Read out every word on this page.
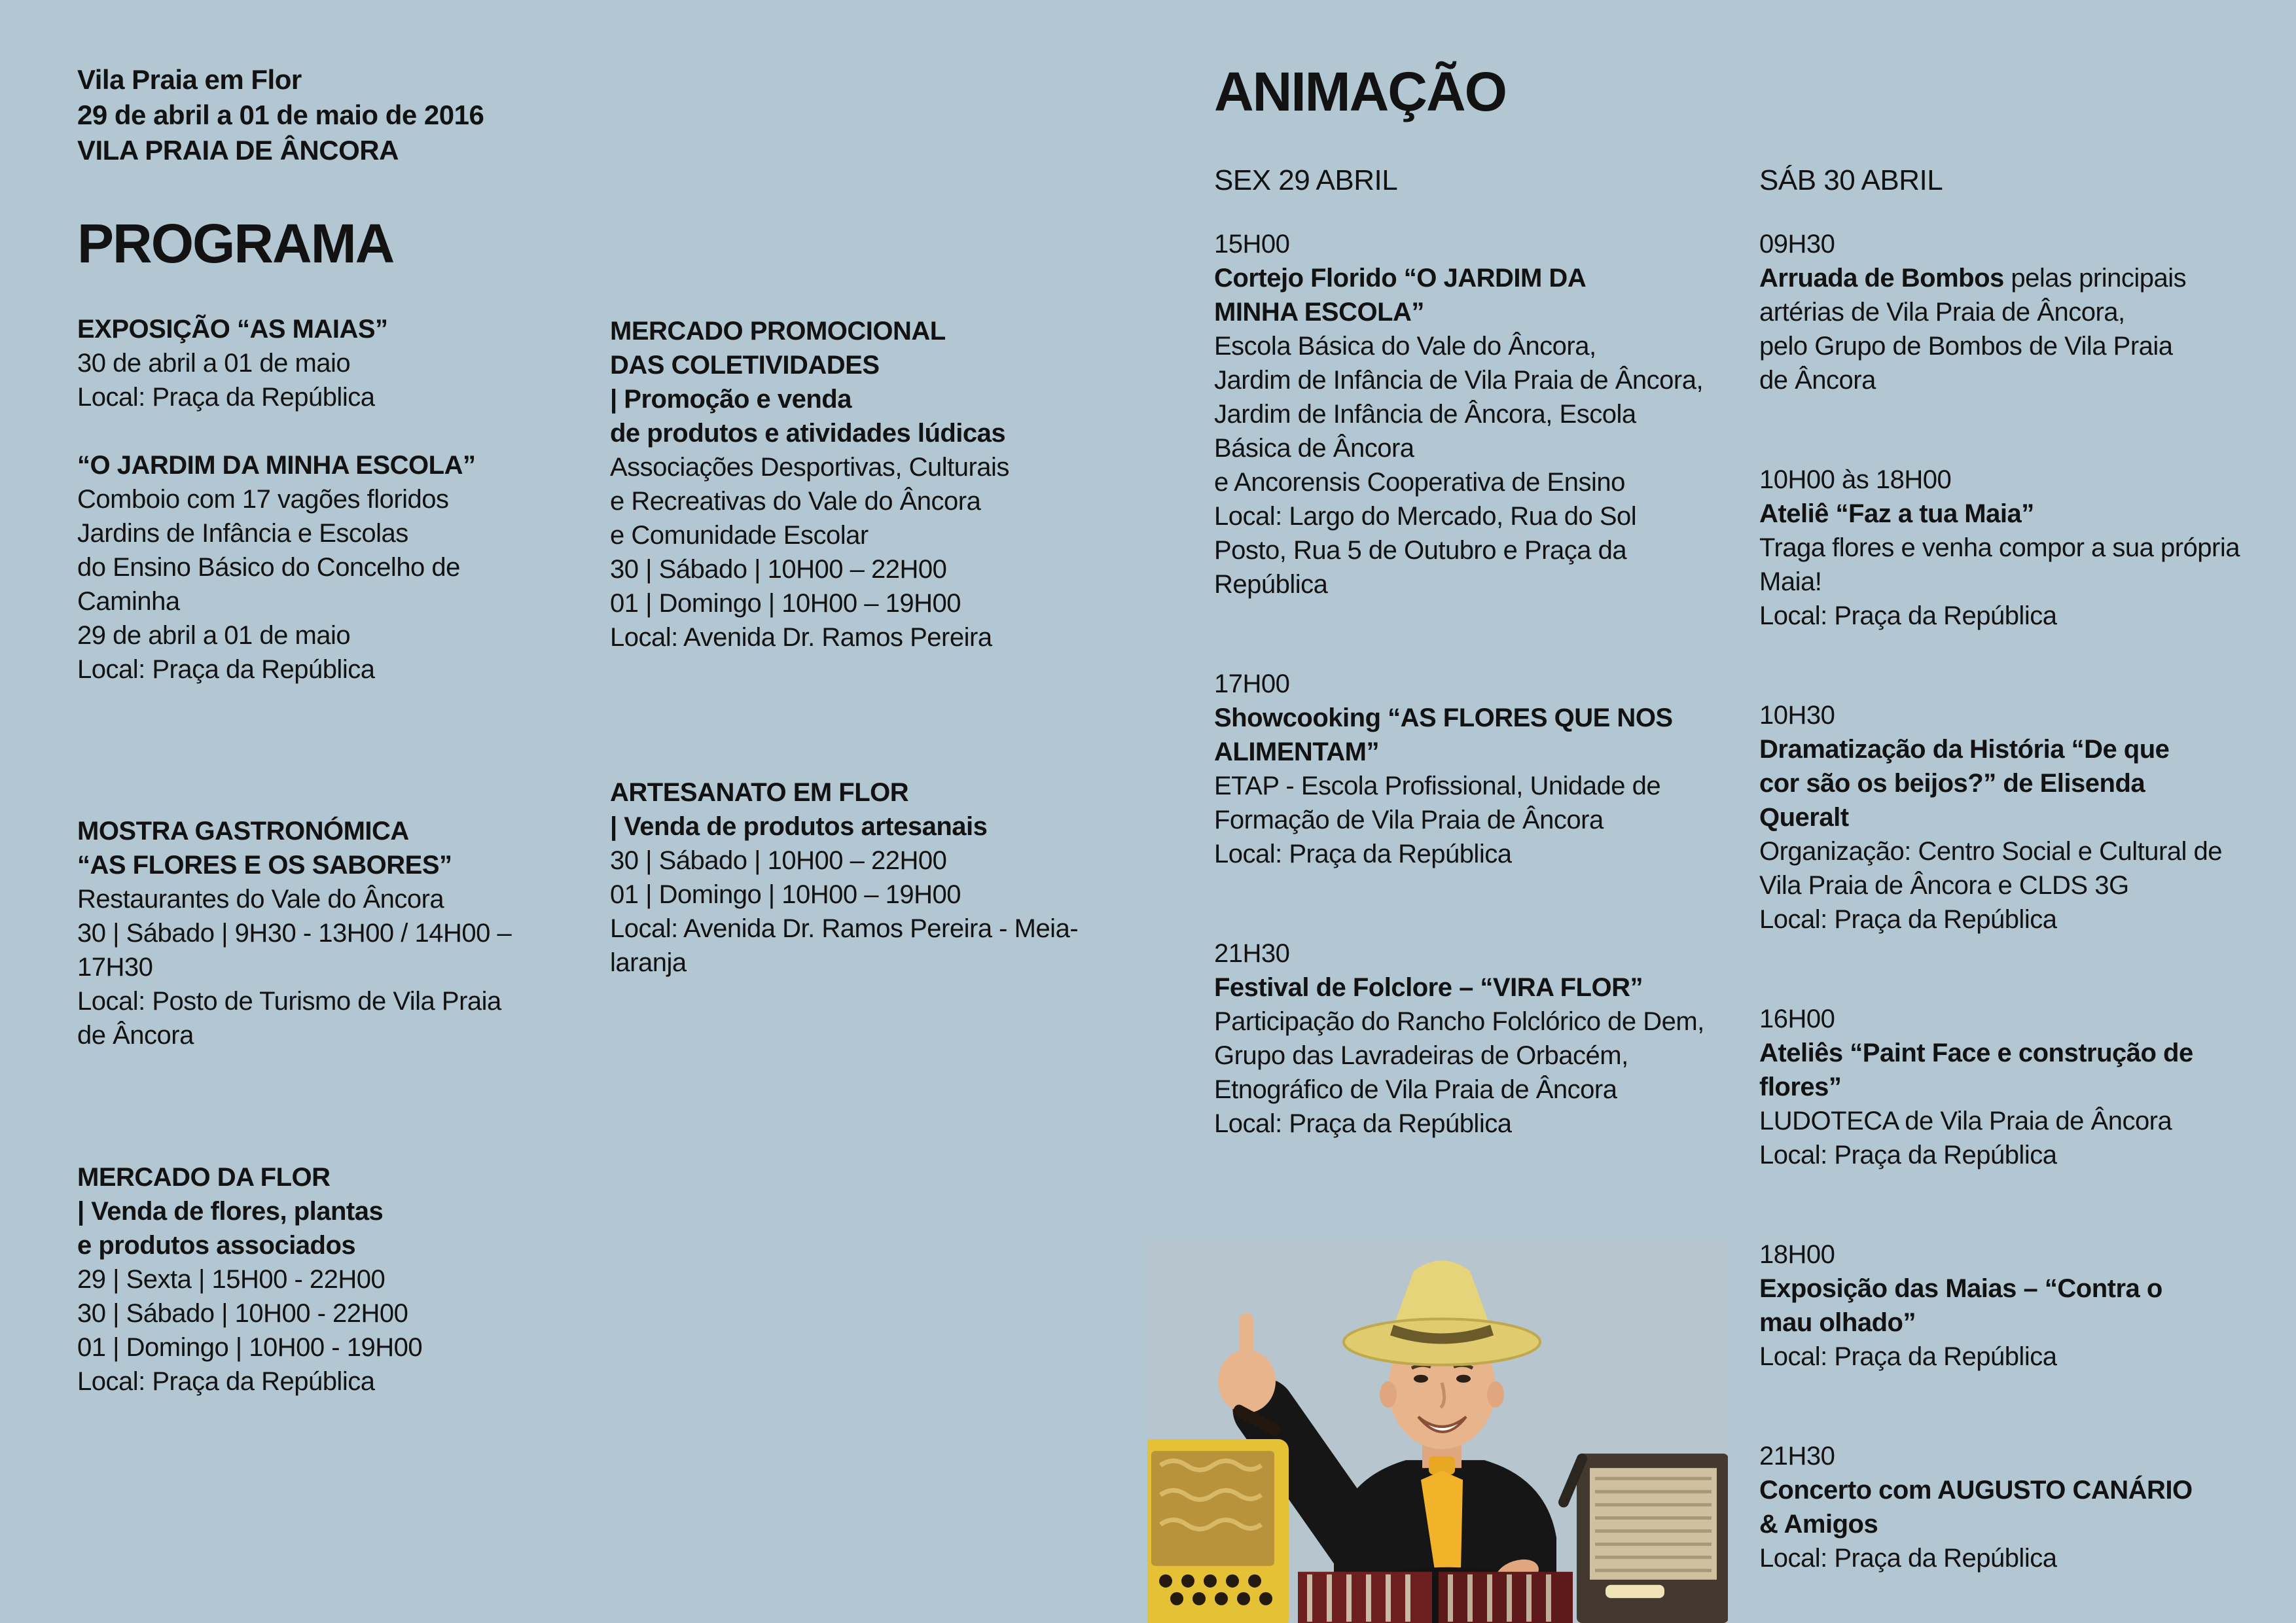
Vila Praia em Flor
29 de abril a 01 de maio de 2016
VILA PRAIA DE ÂNCORA
PROGRAMA
EXPOSIÇÃO “AS MAIAS”
30 de abril a 01 de maio
Local: Praça da República
“O JARDIM DA MINHA ESCOLA”
Comboio com 17 vagões floridos
Jardins de Infância e Escolas
do Ensino Básico do Concelho de
Caminha
29 de abril a 01 de maio
Local: Praça da República
MOSTRA GASTRONÓMICA
“AS FLORES E OS SABORES”
Restaurantes do Vale do Âncora
30 | Sábado | 9H30 - 13H00 / 14H00 –
17H30
Local: Posto de Turismo de Vila Praia
de Âncora
MERCADO DA FLOR
| Venda de flores, plantas
e produtos associados
29 | Sexta | 15H00 - 22H00
30 | Sábado | 10H00 - 22H00
01 | Domingo | 10H00 - 19H00
Local: Praça da República
MERCADO PROMOCIONAL
DAS COLETIVIDADES
| Promoção e venda
de produtos e atividades lúdicas
Associações Desportivas, Culturais
e Recreativas do Vale do Âncora
e Comunidade Escolar
30 | Sábado | 10H00 – 22H00
01 | Domingo | 10H00 – 19H00
Local: Avenida Dr. Ramos Pereira
ARTESANATO EM FLOR
| Venda de produtos artesanais
30 | Sábado | 10H00 – 22H00
01 | Domingo | 10H00 – 19H00
Local: Avenida Dr. Ramos Pereira - Meia-
laranja
ANIMAÇÃO
SEX 29 ABRIL
15H00
Cortejo Florido “O JARDIM DA
MINHA ESCOLA”
Escola Básica do Vale do Âncora,
Jardim de Infância de Vila Praia de Âncora,
Jardim de Infância de Âncora, Escola
Básica de Âncora
e Ancorensis Cooperativa de Ensino
Local: Largo do Mercado, Rua do Sol
Posto, Rua 5 de Outubro e Praça da
República
17H00
Showcooking “AS FLORES QUE NOS
ALIMENTAM”
ETAP - Escola Profissional, Unidade de
Formação de Vila Praia de Âncora
Local: Praça da República
21H30
Festival de Folclore – “VIRA FLOR”
Participação do Rancho Folclórico de Dem,
Grupo das Lavradeiras de Orbacém,
Etnográfico de Vila Praia de Âncora
Local: Praça da República
SÁB 30 ABRIL
09H30
Arruada de Bombos pelas principais
artérias de Vila Praia de Âncora,
pelo Grupo de Bombos de Vila Praia
de Âncora
10H00 às 18H00
Ateliê “Faz a tua Maia”
Traga flores e venha compor a sua própria
Maia!
Local: Praça da República
10H30
Dramatização da História “De que
cor são os beijos?” de Elisenda
Queralt
Organização: Centro Social e Cultural de
Vila Praia de Âncora e CLDS 3G
Local: Praça da República
16H00
Ateliês “Paint Face e construção de
flores”
LUDOTECA de Vila Praia de Âncora
Local: Praça da República
18H00
Exposição das Maias – “Contra o
mau olhado”
Local: Praça da República
21H30
Concerto com AUGUSTO CANÁRIO
& Amigos
Local: Praça da República
